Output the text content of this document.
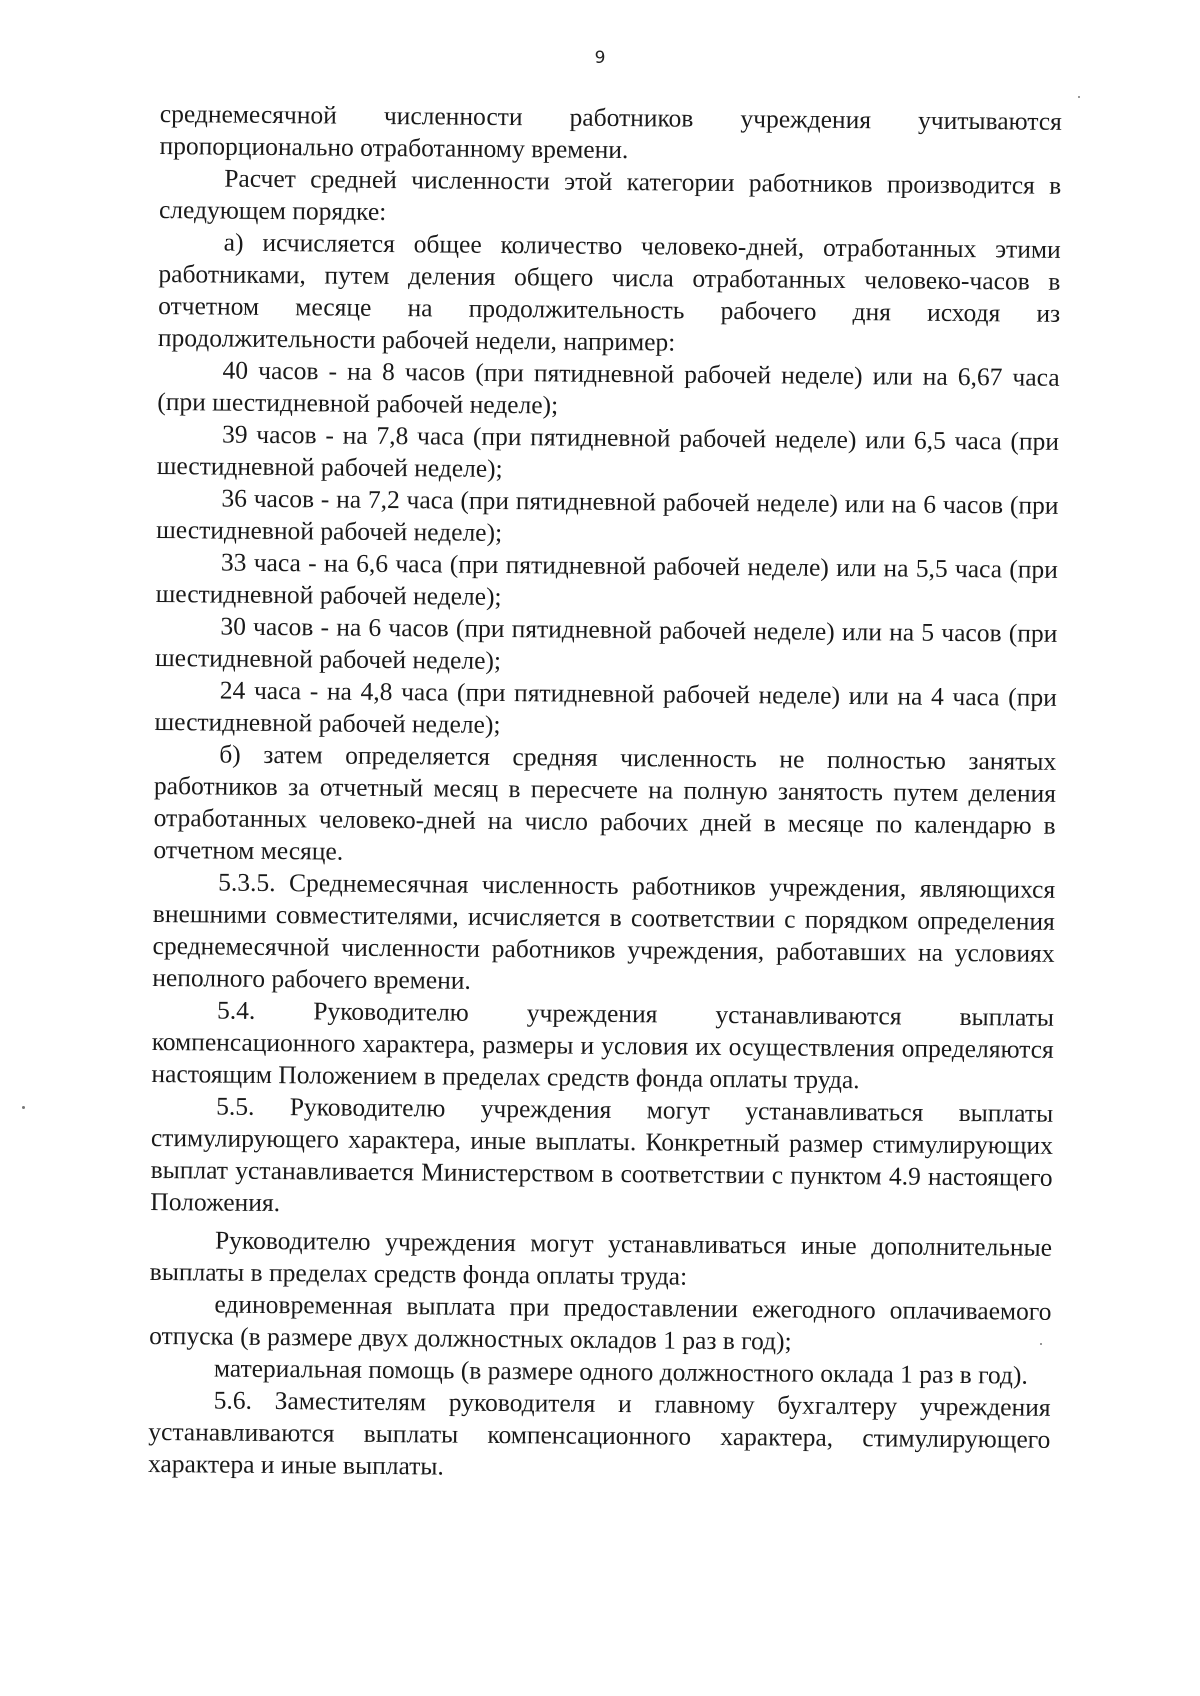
9

среднемесячной численности работников учреждения учитываются пропорционально отработанному времени.

Расчет средней численности этой категории работников производится в следующем порядке:

а) исчисляется общее количество человеко-дней, отработанных этими работниками, путем деления общего числа отработанных человеко-часов в отчетном месяце на продолжительность рабочего дня исходя из продолжительности рабочей недели, например:

40 часов - на 8 часов (при пятидневной рабочей неделе) или на 6,67 часа (при шестидневной рабочей неделе);

39 часов - на 7,8 часа (при пятидневной рабочей неделе) или 6,5 часа (при шестидневной рабочей неделе);

36 часов - на 7,2 часа (при пятидневной рабочей неделе) или на 6 часов (при шестидневной рабочей неделе);

33 часа - на 6,6 часа (при пятидневной рабочей неделе) или на 5,5 часа (при шестидневной рабочей неделе);

30 часов - на 6 часов (при пятидневной рабочей неделе) или на 5 часов (при шестидневной рабочей неделе);

24 часа - на 4,8 часа (при пятидневной рабочей неделе) или на 4 часа (при шестидневной рабочей неделе);

б) затем определяется средняя численность не полностью занятых работников за отчетный месяц в пересчете на полную занятость путем деления отработанных человеко-дней на число рабочих дней в месяце по календарю в отчетном месяце.

5.3.5. Среднемесячная численность работников учреждения, являющихся внешними совместителями, исчисляется в соответствии с порядком определения среднемесячной численности работников учреждения, работавших на условиях неполного рабочего времени.

5.4. Руководителю учреждения устанавливаются выплаты компенсационного характера, размеры и условия их осуществления определяются настоящим Положением в пределах средств фонда оплаты труда.

5.5. Руководителю учреждения могут устанавливаться выплаты стимулирующего характера, иные выплаты. Конкретный размер стимулирующих выплат устанавливается Министерством в соответствии с пунктом 4.9 настоящего Положения.

Руководителю учреждения могут устанавливаться иные дополнительные выплаты в пределах средств фонда оплаты труда:

единовременная выплата при предоставлении ежегодного оплачиваемого отпуска (в размере двух должностных окладов 1 раз в год);

материальная помощь (в размере одного должностного оклада 1 раз в год).

5.6. Заместителям руководителя и главному бухгалтеру учреждения устанавливаются выплаты компенсационного характера, стимулирующего характера и иные выплаты.
